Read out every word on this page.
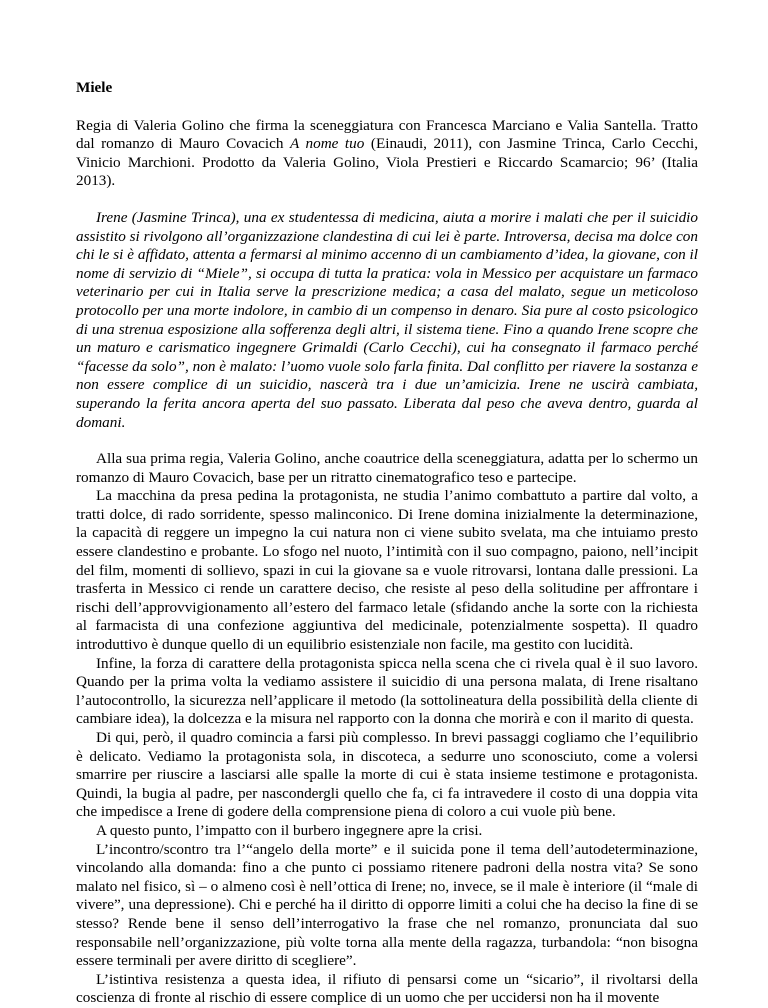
Miele

Regia di Valeria Golino che firma la sceneggiatura con Francesca Marciano e Valia Santella. Tratto dal romanzo di Mauro Covacich A nome tuo (Einaudi, 2011), con Jasmine Trinca, Carlo Cecchi, Vinicio Marchioni. Prodotto da Valeria Golino, Viola Prestieri e Riccardo Scamarcio; 96’ (Italia 2013).

Irene (Jasmine Trinca), una ex studentessa di medicina, aiuta a morire i malati che per il suicidio assistito si rivolgono all’organizzazione clandestina di cui lei è parte. Introversa, decisa ma dolce con chi le si è affidato, attenta a fermarsi al minimo accenno di un cambiamento d’idea, la giovane, con il nome di servizio di “Miele”, si occupa di tutta la pratica: vola in Messico per acquistare un farmaco veterinario per cui in Italia serve la prescrizione medica; a casa del malato, segue un meticoloso protocollo per una morte indolore, in cambio di un compenso in denaro. Sia pure al costo psicologico di una strenua esposizione alla sofferenza degli altri, il sistema tiene. Fino a quando Irene scopre che un maturo e carismatico ingegnere Grimaldi (Carlo Cecchi), cui ha consegnato il farmaco perché “facesse da solo”, non è malato: l’uomo vuole solo farla finita. Dal conflitto per riavere la sostanza e non essere complice di un suicidio, nascerà tra i due un’amicizia. Irene ne uscirà cambiata, superando la ferita ancora aperta del suo passato. Liberata dal peso che aveva dentro, guarda al domani.

Alla sua prima regia, Valeria Golino, anche coautrice della sceneggiatura, adatta per lo schermo un romanzo di Mauro Covacich, base per un ritratto cinematografico teso e partecipe.

La macchina da presa pedina la protagonista, ne studia l’animo combattuto a partire dal volto, a tratti dolce, di rado sorridente, spesso malinconico. Di Irene domina inizialmente la determinazione, la capacità di reggere un impegno la cui natura non ci viene subito svelata, ma che intuiamo presto essere clandestino e probante. Lo sfogo nel nuoto, l’intimità con il suo compagno, paiono, nell’incipit del film, momenti di sollievo, spazi in cui la giovane sa e vuole ritrovarsi, lontana dalle pressioni. La trasferta in Messico ci rende un carattere deciso, che resiste al peso della solitudine per affrontare i rischi dell’approvvigionamento all’estero del farmaco letale (sfidando anche la sorte con la richiesta al farmacista di una confezione aggiuntiva del medicinale, potenzialmente sospetta). Il quadro introduttivo è dunque quello di un equilibrio esistenziale non facile, ma gestito con lucidità.

Infine, la forza di carattere della protagonista spicca nella scena che ci rivela qual è il suo lavoro. Quando per la prima volta la vediamo assistere il suicidio di una persona malata, di Irene risaltano l’autocontrollo, la sicurezza nell’applicare il metodo (la sottolineatura della possibilità della cliente di cambiare idea), la dolcezza e la misura nel rapporto con la donna che morirà e con il marito di questa.

Di qui, però, il quadro comincia a farsi più complesso. In brevi passaggi cogliamo che l’equilibrio è delicato. Vediamo la protagonista sola, in discoteca, a sedurre uno sconosciuto, come a volersi smarrire per riuscire a lasciarsi alle spalle la morte di cui è stata insieme testimone e protagonista. Quindi, la bugia al padre, per nascondergli quello che fa, ci fa intravedere il costo di una doppia vita che impedisce a Irene di godere della comprensione piena di coloro a cui vuole più bene.

A questo punto, l’impatto con il burbero ingegnere apre la crisi.

L’incontro/scontro tra l’“angelo della morte” e il suicida pone il tema dell’autodeterminazione, vincolando alla domanda: fino a che punto ci possiamo ritenere padroni della nostra vita? Se sono malato nel fisico, sì – o almeno così è nell’ottica di Irene; no, invece, se il male è interiore (il “male di vivere”, una depressione). Chi e perché ha il diritto di opporre limiti a colui che ha deciso la fine di se stesso? Rende bene il senso dell’interrogativo la frase che nel romanzo, pronunciata dal suo responsabile nell’organizzazione, più volte torna alla mente della ragazza, turbandola: “non bisogna essere terminali per avere diritto di scegliere”.

L’istintiva resistenza a questa idea, il rifiuto di pensarsi come un “sicario”, il rivoltarsi della coscienza di fronte al rischio di essere complice di un uomo che per uccidersi non ha il movente
